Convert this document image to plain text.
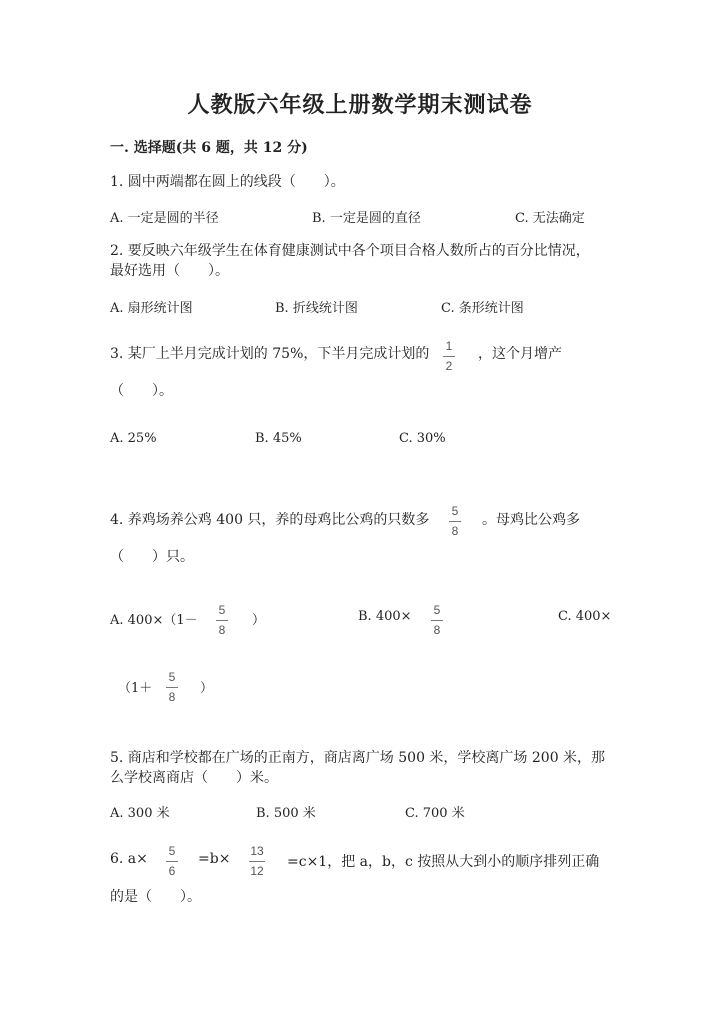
人教版六年级上册数学期末测试卷
一. 选择题(共 6 题，共 12 分)
1. 圆中两端都在圆上的线段（　　）。
A. 一定是圆的半径	B. 一定是圆的直径	C. 无法确定
2. 要反映六年级学生在体育健康测试中各个项目合格人数所占的百分比情况，
最好选用（　　）。
A. 扇形统计图	B. 折线统计图	C. 条形统计图
3. 某厂上半月完成计划的 75%，下半月完成计划的 1
2
，这个月增产
（　　）。
A. 25%	B. 45%	C. 30%
4. 养鸡场养公鸡 400 只，养的母鸡比公鸡的只数多
5
8
。母鸡比公鸡多
（　　）只。
A. 400×（1－
5
8
）	B. 400× 5
8
C. 400×
（1＋
5
8
）
5. 商店和学校都在广场的正南方，商店离广场 500 米，学校离广场 200 米，那
么学校离商店（　　）米。
A. 300 米	B. 500 米	C. 700 米
6. a× 5
6
=b× 13
12
=c×1，把 a，b，c 按照从大到小的顺序排列正确
的是（　　）。
